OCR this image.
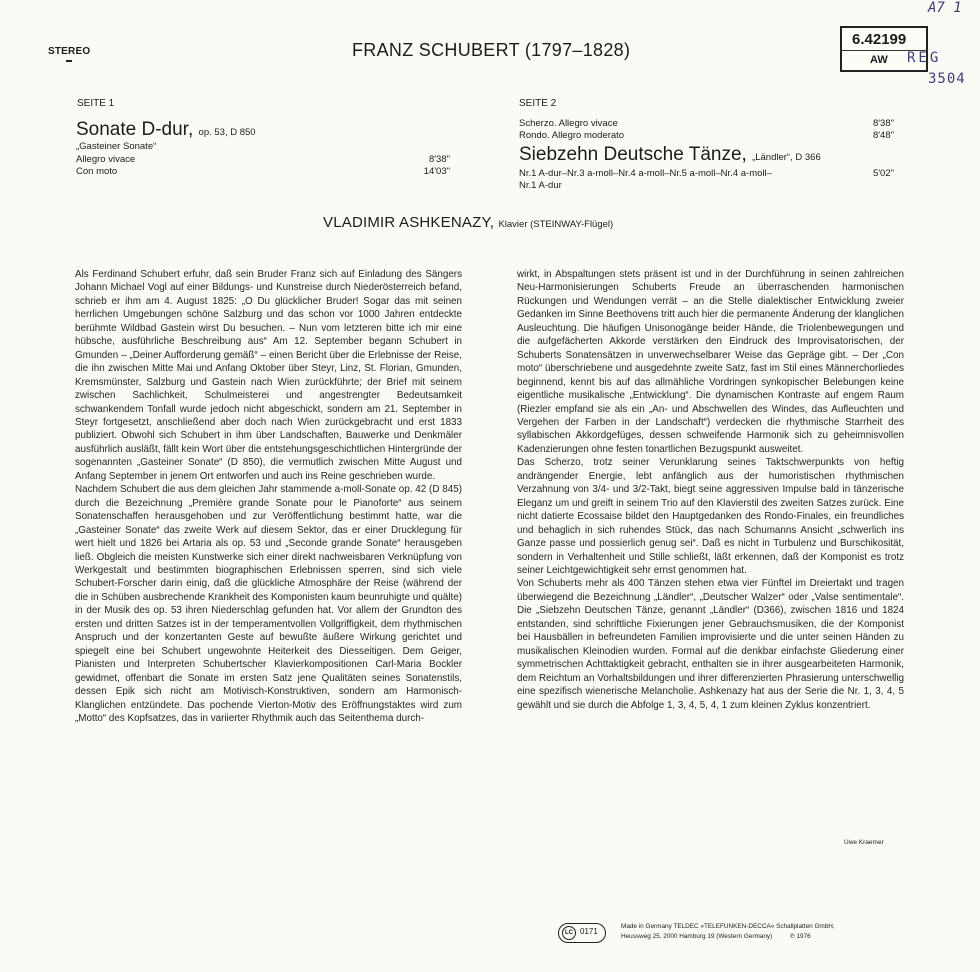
STEREO	FRANZ SCHUBERT (1797–1828)
6.42199
AW
A7 1
REG
3504
SEITE 1
Sonate D-dur, op. 53, D 850
„Gasteiner Sonate“
Allegro vivace	8'38"
Con moto	14'03"
SEITE 2
Scherzo. Allegro vivace	8'38"
Rondo. Allegro moderato	8'48"
Siebzehn Deutsche Tänze, „Ländler“, D 366
Nr.1 A-dur–Nr.3 a-moll–Nr.4 a-moll–Nr.5 a-moll–Nr.4 a-moll–	5'02"
Nr.1 A-dur
VLADIMIR ASHKENAZY, Klavier (STEINWAY-Flügel)

Als Ferdinand Schubert erfuhr, daß sein Bruder Franz sich auf Einladung des Sängers Johann Michael Vogl auf einer Bildungs- und Kunstreise durch Niederösterreich befand, schrieb er ihm am 4. August 1825: „O Du glücklicher Bruder! Sogar das mit seinen herrlichen Umgebungen schöne Salzburg und das schon vor 1000 Jahren entdeckte berühmte Wildbad Gastein wirst Du besuchen. – Nun vom letzteren bitte ich mir eine hübsche, ausführliche Beschreibung aus“ Am 12. September begann Schubert in Gmunden – „Deiner Aufforderung gemäß“ – einen Bericht über die Erlebnisse der Reise, die ihn zwischen Mitte Mai und Anfang Oktober über Steyr, Linz, St. Florian, Gmunden, Kremsmünster, Salzburg und Gastein nach Wien zurückführte; der Brief mit seinem zwischen Sachlichkeit, Schulmeisterei und angestrengter Bedeutsamkeit schwankendem Tonfall wurde jedoch nicht abgeschickt, sondern am 21. September in Steyr fortgesetzt, anschließend aber doch nach Wien zurückgebracht und erst 1833 publiziert. Obwohl sich Schubert in ihm über Landschaften, Bauwerke und Denkmäler ausführlich ausläßt, fällt kein Wort über die entstehungsgeschichtlichen Hintergründe der sogenannten „Gasteiner Sonate“ (D 850), die vermutlich zwischen Mitte August und Anfang September in jenem Ort entworfen und auch ins Reine geschrieben wurde.

Nachdem Schubert die aus dem gleichen Jahr stammende a-moll-Sonate op. 42 (D 845) durch die Bezeichnung „Première grande Sonate pour le Pianoforte“ aus seinem Sonatenschaffen herausgehoben und zur Veröffentlichung bestimmt hatte, war die „Gasteiner Sonate“ das zweite Werk auf diesem Sektor, das er einer Drucklegung für wert hielt und 1826 bei Artaria als op. 53 und „Seconde grande Sonate“ herausgeben ließ. Obgleich die meisten Kunstwerke sich einer direkt nachweisbaren Verknüpfung von Werkgestalt und bestimmten biographischen Erlebnissen sperren, sind sich viele Schubert-Forscher darin einig, daß die glückliche Atmosphäre der Reise (während der die in Schüben ausbrechende Krankheit des Komponisten kaum beunruhigte und quälte) in der Musik des op. 53 ihren Niederschlag gefunden hat. Vor allem der Grundton des ersten und dritten Satzes ist in der temperamentvollen Vollgriffigkeit, dem rhythmischen Anspruch und der konzertanten Geste auf bewußte äußere Wirkung gerichtet und spiegelt eine bei Schubert ungewohnte Heiterkeit des Diesseitigen. Dem Geiger, Pianisten und Interpreten Schubertscher Klavierkompositionen Carl-Maria Bockler gewidmet, offenbart die Sonate im ersten Satz jene Qualitäten seines Sonatenstils, dessen Epik sich nicht am Motivisch-Konstruktiven, sondern am Harmonisch-Klanglichen entzündete. Das pochende Vierton-Motiv des Eröffnungstaktes wird zum „Motto“ des Kopfsatzes, das in variierter Rhythmik auch das Seitenthema durch-

wirkt, in Abspaltungen stets präsent ist und in der Durchführung in seinen zahlreichen Neu-Harmonisierungen Schuberts Freude an überraschenden harmonischen Rückungen und Wendungen verrät – an die Stelle dialektischer Entwicklung zweier Gedanken im Sinne Beethovens tritt auch hier die permanente Änderung der klanglichen Ausleuchtung. Die häufigen Unisonogänge beider Hände, die Triolenbewegungen und die aufgefächerten Akkorde verstärken den Eindruck des Improvisatorischen, der Schuberts Sonatensätzen in unverwechselbarer Weise das Gepräge gibt. – Der „Con moto“ überschriebene und ausgedehnte zweite Satz, fast im Stil eines Männerchorliedes beginnend, kennt bis auf das allmähliche Vordringen synkopischer Belebungen keine eigentliche musikalische „Entwicklung“. Die dynamischen Kontraste auf engem Raum (Riezler empfand sie als ein „An- und Abschwellen des Windes, das Aufleuchten und Vergehen der Farben in der Landschaft“) verdecken die rhythmische Starrheit des syllabischen Akkordgefüges, dessen schweifende Harmonik sich zu geheimnisvollen Kadenzierungen ohne festen tonartlichen Bezugspunkt ausweitet.

Das Scherzo, trotz seiner Verunklarung seines Taktschwerpunkts von heftig andrängender Energie, lebt anfänglich aus der humoristischen rhythmischen Verzahnung von 3/4- und 3/2-Takt, biegt seine aggressiven Impulse bald in tänzerische Eleganz um und greift in seinem Trio auf den Klavierstil des zweiten Satzes zurück. Eine nicht datierte Ecossaise bildet den Hauptgedanken des Rondo-Finales, ein freundliches und behaglich in sich ruhendes Stück, das nach Schumanns Ansicht „schwerlich ins Ganze passe und possierlich genug sei“. Daß es nicht in Turbulenz und Burschikosität, sondern in Verhaltenheit und Stille schließt, läßt erkennen, daß der Komponist es trotz seiner Leichtgewichtigkeit sehr ernst genommen hat.

Von Schuberts mehr als 400 Tänzen stehen etwa vier Fünftel im Dreiertakt und tragen überwiegend die Bezeichnung „Ländler“, „Deutscher Walzer“ oder „Valse sentimentale“. Die „Siebzehn Deutschen Tänze, genannt „Ländler“ (D366), zwischen 1816 und 1824 entstanden, sind schriftliche Fixierungen jener Gebrauchsmusiken, die der Komponist bei Hausbällen in befreundeten Familien improvisierte und die unter seinen Händen zu musikalischen Kleinodien wurden. Formal auf die denkbar einfachste Gliederung einer symmetrischen Achttaktigkeit gebracht, enthalten sie in ihrer ausgearbeiteten Harmonik, dem Reichtum an Vorhaltsbildungen und ihrer differenzierten Phrasierung unterschwellig eine spezifisch wienerische Melancholie. Ashkenazy hat aus der Serie die Nr. 1, 3, 4, 5 gewählt und sie durch die Abfolge 1, 3, 4, 5, 4, 1 zum kleinen Zyklus konzentriert.

Uwe Kraemer
LC 0171
Made in Germany TELDEC »TELEFUNKEN-DECCA« Schallplatten GmbH,
Heussweg 25, 2000 Hamburg 19 (Western Germany)	℗ 1976
